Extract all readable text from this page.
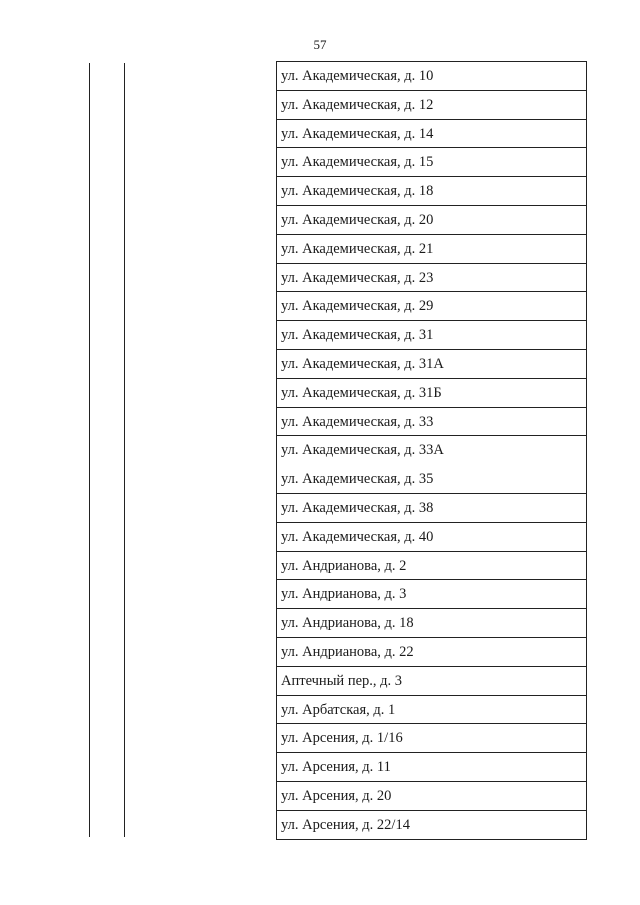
57
ул. Академическая, д. 10
ул. Академическая, д. 12
ул. Академическая, д. 14
ул. Академическая, д. 15
ул. Академическая, д. 18
ул. Академическая, д. 20
ул. Академическая, д. 21
ул. Академическая, д. 23
ул. Академическая, д. 29
ул. Академическая, д. 31
ул. Академическая, д. 31А
ул. Академическая, д. 31Б
ул. Академическая, д. 33
ул. Академическая, д. 33А
ул. Академическая, д. 35
ул. Академическая, д. 38
ул. Академическая, д. 40
ул. Андрианова, д. 2
ул. Андрианова, д. 3
ул. Андрианова, д. 18
ул. Андрианова, д. 22
Аптечный пер., д. 3
ул. Арбатская, д. 1
ул. Арсения, д. 1/16
ул. Арсения, д. 11
ул. Арсения, д. 20
ул. Арсения, д. 22/14
